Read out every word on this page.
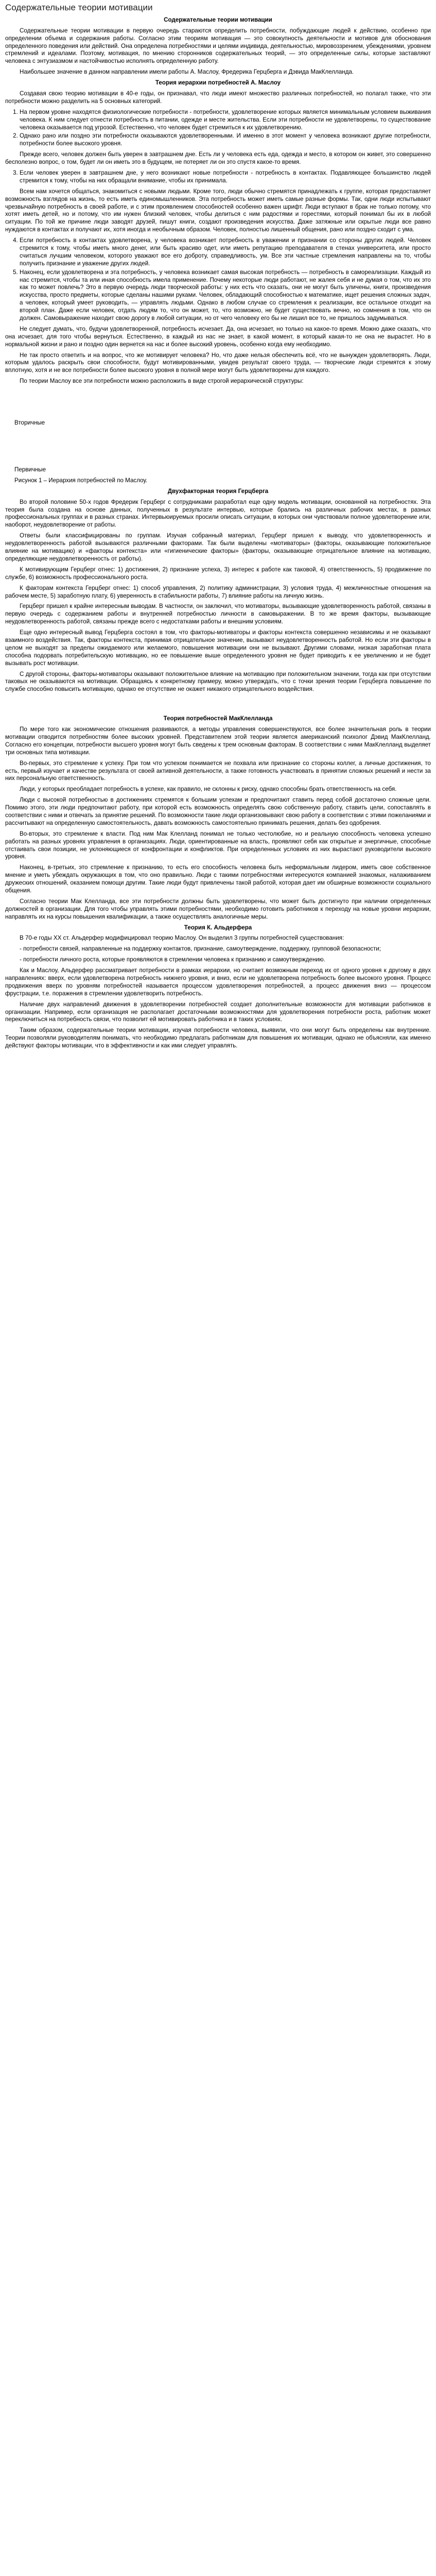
Содержательные теории мотивации
Содержательные теории мотивации

Содержательные теории мотивации в первую очередь стараются определить потребности, побуждающие людей к действию, особенно при определении объема и содержания работы. Согласно этим теориям мотивация — это совокупность деятельности и мотивов для обоснования определенного поведения или действий. Она определена потребностями и целями индивида, деятельностью, мировоззрением, убеждениями, уровнем стремлений и идеалами. Поэтому, мотивация, по мнению сторонников содержательных теорий, — это определенные силы, которые заставляют человека с энтузиазмом и настойчивостью исполнять определенную работу.

Наибольшее значение в данном направлении имели работы А. Маслоу, Фредерика Герцберга и Дэвида МакКлелланда.

Теория иерархии потребностей А. Маслоу

Создавая свою теорию мотивации в 40-е годы, он признавал, что люди имеют множество различных потребностей, но полагал также, что эти потребности можно разделить на 5 основных категорий.

1. На первом уровне находятся физиологические потребности - потребности, удовлетворение которых является минимальным условием выживания человека. К ним следует отнести потребность в питании, одежде и месте жительства. Если эти потребности не удовлетворены, то существование человека оказывается под угрозой. Естественно, что человек будет стремиться к их удовлетворению.
2. Однако рано или поздно эти потребности оказываются удовлетворенными. И именно в этот момент у человека возникают другие потребности, потребности более высокого уровня.

Прежде всего, человек должен быть уверен в завтрашнем дне. Есть ли у человека есть еда, одежда и место, в котором он живет, это совершенно бесполезно вопрос, о том, будет ли он иметь это в будущем, не потеряет ли он это спустя какое-то время.

3. Если человек уверен в завтрашнем дне, у него возникают новые потребности - потребность в контактах. Подавляющее большинство людей стремится к тому, чтобы на них обращали внимание, чтобы их принимала.

Всем нам хочется общаться, знакомиться с новыми людьми. Кроме того, люди обычно стремятся принадлежать к группе, которая предоставляет возможность взглядов на жизнь, то есть иметь единомышленников. Эта потребность может иметь самые разные формы. Так, одни люди испытывают чрезвычайную потребность в своей работе, и с этим проявлением способностей особенно важен шрифт. Люди вступают в брак не только потому, что хотят иметь детей, но и потому, что им нужен близкий человек, чтобы делиться с ним радостями и горестями, который понимал бы их в любой ситуации. По той же причине люди заводят друзей, пишут книги, создают произведения искусства. Даже затяжные или скрытые люди все равно нуждаются в контактах и получают их, хотя иногда и необычным образом. Человек, полностью лишенный общения, рано или поздно сходит с ума.

4. Если потребность в контактах удовлетворена, у человека возникает потребность в уважении и признании со стороны других людей. Человек стремится к тому, чтобы иметь много денег, или быть красиво одет, или иметь репутацию преподавателя в стенах университета, или просто считаться лучшим человеком, которого уважают все его доброту, справедливость, ум. Все эти частные стремления направлены на то, чтобы получить признание и уважение других людей.
5. Наконец, если удовлетворена и эта потребность, у человека возникает самая высокая потребность — потребность в самореализации. Каждый из нас стремится, чтобы та или иная способность имела применение. Почему некоторые люди работают, не жалея себя и не думая о том, что их это как то может повлечь? Это в первую очередь люди творческой работы: у них есть что сказать, они не могут быть уличены, книги, произведения искусства, просто предметы, которые сделаны нашими руками. Человек, обладающий способностью к математике, ищет решения сложных задач, а человек, который умеет руководить, — управлять людьми. Однако в любом случае со стремления к реализации, все остальное отходит на второй план. Даже если человек, отдать людям то, что он может, то, что возможно, не будет существовать вечно, но сомнения в том, что он должен. Самовыражение находит свою дорогу в любой ситуации, но от чего человеку его бы не лишил все то, не пришлось задумываться.

Не следует думать, что, будучи удовлетворенной, потребность исчезает. Да, она исчезает, но только на какое-то время. Можно даже сказать, что она исчезает, для того чтобы вернуться. Естественно, в каждый из нас не знает, в какой момент, в который какая-то не она не вырастет. Но в нормальной жизни и рано и поздно один вернется на нас и более высокий уровень, особенно когда ему необходимо.

Не так просто ответить и на вопрос, что же мотивирует человека? Но, что даже нельзя обеспечить всё, что не вынужден удовлетворять. Люди, которым удалось раскрыть свои способности, будут мотивированными, увидев результат своего труда, — творческие люди стремятся к этому вплотную, хотя и не все потребности более высокого уровня в полной мере могут быть удовлетворены для каждого.

По теории Маслоу все эти потребности можно расположить в виде строгой иерархической структуры:

Вторичные

Первичные

Рисунок 1 – Иерархия потребностей по Маслоу.

Двухфакторная теория Герцберга

Во второй половине 50-х годов Фредерик Герцберг с сотрудниками разработал еще одну модель мотивации, основанной на потребностях. Эта теория была создана на основе данных, полученных в результате интервью, которые брались на различных рабочих местах, в разных профессиональных группах и в разных странах. Интервьюируемых просили описать ситуации, в которых они чувствовали полное удовлетворение или, наоборот, неудовлетворение от работы.

Ответы были классифицированы по группам. Изучая собранный материал, Герцберг пришел к выводу, что удовлетворенность и неудовлетворенность работой вызываются различными факторами. Так были выделены «мотиваторы» (факторы, оказывающие положительное влияние на мотивацию) и «факторы контекста» или «гигиенические факторы» (факторы, оказывающие отрицательное влияние на мотивацию, определяющие неудовлетворенность от работы).

К мотивирующим Герцберг отнес: 1) достижения, 2) признание успеха, 3) интерес к работе как таковой, 4) ответственность, 5) продвижение по службе, 6) возможность профессионального роста.

К факторам контекста Герцберг отнес: 1) способ управления, 2) политику администрации, 3) условия труда, 4) межличностные отношения на рабочем месте, 5) заработную плату, 6) уверенность в стабильности работы, 7) влияние работы на личную жизнь.

Герцберг пришел к крайне интересным выводам. В частности, он заключил, что мотиваторы, вызывающие удовлетворенность работой, связаны в первую очередь с содержанием работы и внутренней потребностью личности в самовыражении. В то же время факторы, вызывающие неудовлетворенность работой, связаны прежде всего с недостатками работы и внешним условиям.

Еще одно интересный вывод Герцберга состоял в том, что факторы-мотиваторы и факторы контекста совершенно независимы и не оказывают взаимного воздействия. Так, факторы контекста, принимая отрицательное значение, вызывают неудовлетворенность работой. Но если эти факторы в целом не выходят за пределы ожидаемого или желаемого, повышения мотивации они не вызывают. Другими словами, низкая заработная плата способна подорвать потребительскую мотивацию, но ее повышение выше определенного уровня не будет приводить к ее увеличению и не будет вызывать рост мотивации.

С другой стороны, факторы-мотиваторы оказывают положительное влияние на мотивацию при положительном значении, тогда как при отсутствии таковых не оказываются на мотивации. Обращаясь к конкретному примеру, можно утверждать, что с точки зрения теории Герцберга повышение по службе способно повысить мотивацию, однако ее отсутствие не окажет никакого отрицательного воздействия.

Теория потребностей МакКлелланда

По мере того как экономические отношения развиваются, а методы управления совершенствуются, все более значительная роль в теории мотивации отводится потребностям более высоких уровней. Представителем этой теории является американский психолог Дэвид МакКлелланд. Согласно его концепции, потребности высшего уровня могут быть сведены к трем основным факторам. В соответствии с ними МакКлелланд выделяет три основных типа мотивации.

Во-первых, это стремление к успеху. При том что успехом понимается не похвала или признание со стороны коллег, а личные достижения, то есть, первый изучает и качестве результата от своей активной деятельности, а также готовность участвовать в принятии сложных решений и нести за них персональную ответственность.

Люди, у которых преобладает потребность в успехе, как правило, не склонны к риску, однако способны брать ответственность на себя.

Люди с высокой потребностью в достижениях стремятся к большим успехам и предпочитают ставить перед собой достаточно сложные цели. Помимо этого, эти люди предпочитают работу, при которой есть возможность определять свою собственную работу, ставить цели, сопоставлять в соответствии с ними и отвечать за принятие решений. По возможности такие люди организовывают свою работу в соответствии с этими пожеланиями и рассчитывают на определенную самостоятельность, давать возможность самостоятельно принимать решения, делать без одобрения.

Во-вторых, это стремление к власти. Под ним Мак Клелланд понимал не только честолюбие, но и реальную способность человека успешно работать на разных уровнях управления в организациях. Люди, ориентированные на власть, проявляют себя как открытые и энергичные, способные отстаивать свои позиции, не уклоняющиеся от конфронтации и конфликтов. При определенных условиях из них вырастают руководители высокого уровня.

Наконец, в-третьих, это стремление к признанию, то есть его способность человека быть неформальным лидером, иметь свое собственное мнение и уметь убеждать окружающих в том, что оно правильно. Люди с такими потребностями интересуются компанией знакомых, налаживанием дружеских отношений, оказанием помощи другим. Такие люди будут привлечены такой работой, которая дает им обширные возможности социального общения.

Согласно теории Мак Клелланда, все эти потребности должны быть удовлетворены, что может быть достигнуто при наличии определенных должностей в организации. Для того чтобы управлять этими потребностями, необходимо готовить работников к переходу на новые уровни иерархии, направлять их на курсы повышения квалификации, а также осуществлять аналогичные меры.

Теория К. Альдерфера

В 70-е годы ХХ ст. Альдерфер модифицировал теорию Маслоу. Он выделил 3 группы потребностей существования:

- потребности связей, направленные на поддержку контактов, признание, самоутверждение, поддержку, групповой безопасности;

- потребности личного роста, которые проявляются в стремлении человека к признанию и самоутверждению.

Как и Маслоу, Альдерфер рассматривает потребности в рамках иерархии, но считает возможным переход их от одного уровня к другому в двух направлениях: вверх, если удовлетворена потребность нижнего уровня, и вниз, если не удовлетворена потребность более высокого уровня. Процесс продвижения вверх по уровням потребностей называется процессом удовлетворения потребностей, а процесс движения вниз — процессом фрустрации, т.е. поражения в стремлении удовлетворить потребность.

Наличие двух направлений движения в удовлетворении потребностей создает дополнительные возможности для мотивации работников в организации. Например, если организация не располагает достаточными возможностями для удовлетворения потребности роста, работник может переключиться на потребность связи, что позволит ей мотивировать работника и в таких условиях.

Таким образом, содержательные теории мотивации, изучая потребности человека, выявили, что они могут быть определены как внутренние. Теории позволяли руководителям понимать, что необходимо предлагать работникам для повышения их мотивации, однако не объясняли, как именно действуют факторы мотивации, что в эффективности и как ими следует управлять.
